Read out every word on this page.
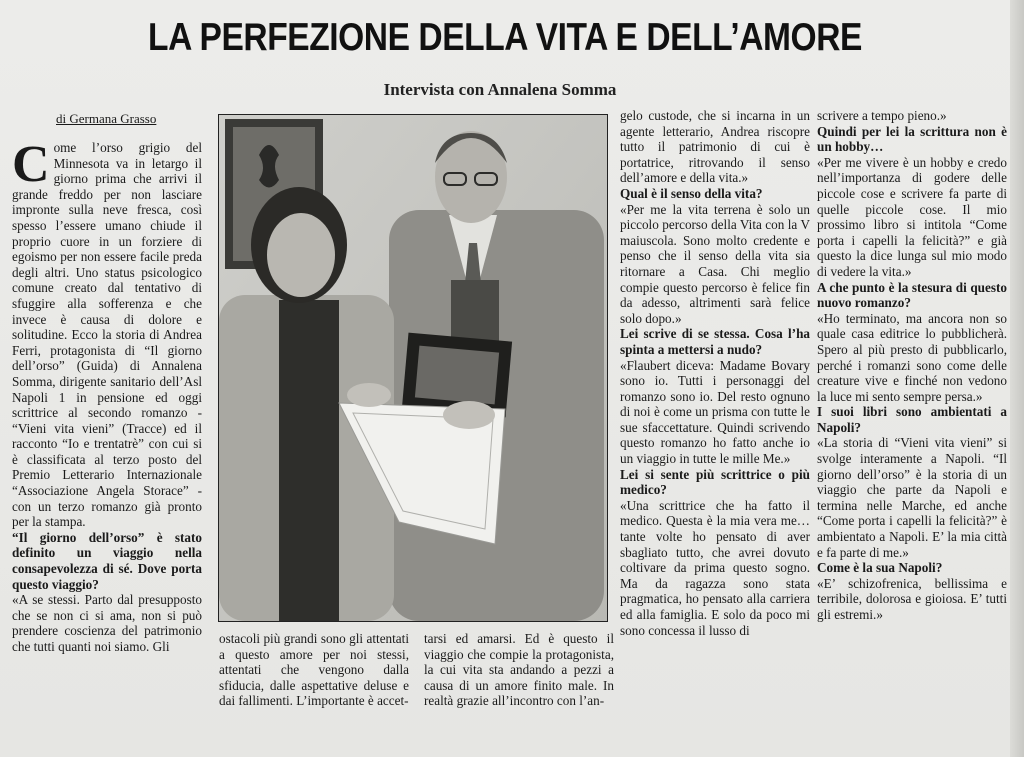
LA PERFEZIONE DELLA VITA E DELL’AMORE
Intervista con Annalena Somma
di Germana Grasso
C ome l’orso grigio del Minnesota va in letargo il giorno prima che arrivi il grande freddo per non lasciare impronte sulla neve fresca, così spesso l’essere umano chiude il proprio cuore in un forziere di egoismo per non essere facile preda degli altri. Uno status psicologico comune creato dal tentativo di sfuggire alla sofferenza e che invece è causa di dolore e solitudine. Ecco la storia di Andrea Ferri, protagonista di “Il giorno dell’orso” (Guida) di Annalena Somma, dirigente sanitario dell’Asl Napoli 1 in pensione ed oggi scrittrice al secondo romanzo - “Vieni vita vieni” (Tracce) ed il racconto “Io e trentatrè” con cui si è classificata al terzo posto del Premio Letterario Internazionale “Associazione Angela Storace” - con un terzo romanzo già pronto per la stampa.

“Il giorno dell’orso” è stato definito un viaggio nella consapevolezza di sé. Dove porta questo viaggio?

«A se stessi. Parto dal presupposto che se non ci si ama, non si può prendere coscienza del patrimonio che tutti quanti noi siamo. Gli

ostacoli più grandi sono gli attentati a questo amore per noi stessi, attentati che vengono dalla sfiducia, dalle aspettative deluse e dai fallimenti. L’importante è accet-

tarsi ed amarsi. Ed è questo il viaggio che compie la protagonista, la cui vita sta andando a pezzi a causa di un amore finito male. In realtà grazie all’incontro con l’an-

gelo custode, che si incarna in un agente letterario, Andrea riscopre tutto il patrimonio di cui è portatrice, ritrovando il senso dell’amore e della vita.»

Qual è il senso della vita?

«Per me la vita terrena è solo un piccolo percorso della Vita con la V maiuscola. Sono molto credente e penso che il senso della vita sia ritornare a Casa. Chi meglio compie questo percorso è felice fin da adesso, altrimenti sarà felice solo dopo.»

Lei scrive di se stessa. Cosa l’ha spinta a mettersi a nudo?

«Flaubert diceva: Madame Bovary sono io. Tutti i personaggi del romanzo sono io. Del resto ognuno di noi è come un prisma con tutte le sue sfaccettature. Quindi scrivendo questo romanzo ho fatto anche io un viaggio in tutte le mille Me.»

Lei si sente più scrittrice o più medico?

«Una scrittrice che ha fatto il medico. Questa è la mia vera me… tante volte ho pensato di aver sbagliato tutto, che avrei dovuto coltivare da prima questo sogno. Ma da ragazza sono stata pragmatica, ho pensato alla carriera ed alla famiglia. E solo da poco mi sono concessa il lusso di

scrivere a tempo pieno.»

Quindi per lei la scrittura non è un hobby…

«Per me vivere è un hobby e credo nell’importanza di godere delle piccole cose e scrivere fa parte di quelle piccole cose. Il mio prossimo libro si intitola “Come porta i capelli la felicità?” e già questo la dice lunga sul mio modo di vedere la vita.»

A che punto è la stesura di questo nuovo romanzo?

«Ho terminato, ma ancora non so quale casa editrice lo pubblicherà. Spero al più presto di pubblicarlo, perché i romanzi sono come delle creature vive e finché non vedono la luce mi sento sempre persa.»

I suoi libri sono ambientati a Napoli?

«La storia di “Vieni vita vieni” si svolge interamente a Napoli. “Il giorno dell’orso” è la storia di un viaggio che parte da Napoli e termina nelle Marche, ed anche “Come porta i capelli la felicità?” è ambientato a Napoli. E’ la mia città e fa parte di me.»

Come è la sua Napoli?

«E’ schizofrenica, bellissima e terribile, dolorosa e gioiosa. E’ tutti gli estremi.»
